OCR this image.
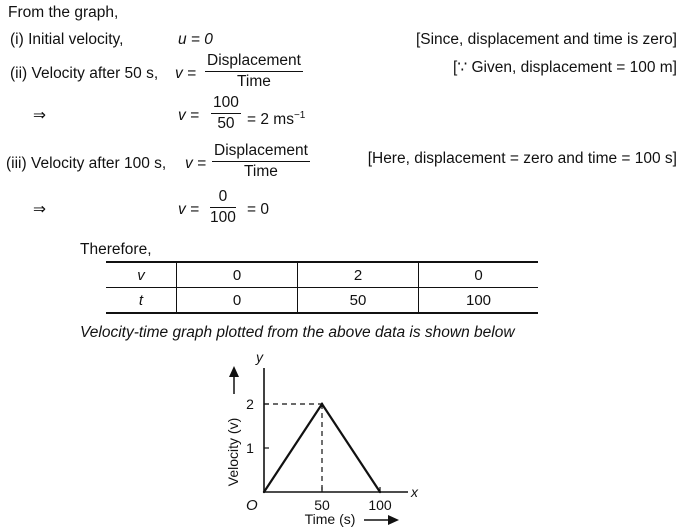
From the graph,
(i) Initial velocity,	u = 0	[Since, displacement and time is zero]
(ii) Velocity after 50 s, v =
Displacement
Time
[∵ Given, displacement = 100 m]
⇒	$v = \frac{100}{50} = 2$ $ms^{-1}$
(iii) Velocity after 100 s, v =
Displacement
Time
[Here, displacement = zero and time = 100 s]
⇒	$v = \frac{0}{100} = 0$
Therefore,
v	0	2	0
t	0	50	100
Velocity-time graph plotted from the above data is shown below
x
y
O	50	100
1
2
Velocity (v)
Time (s)
